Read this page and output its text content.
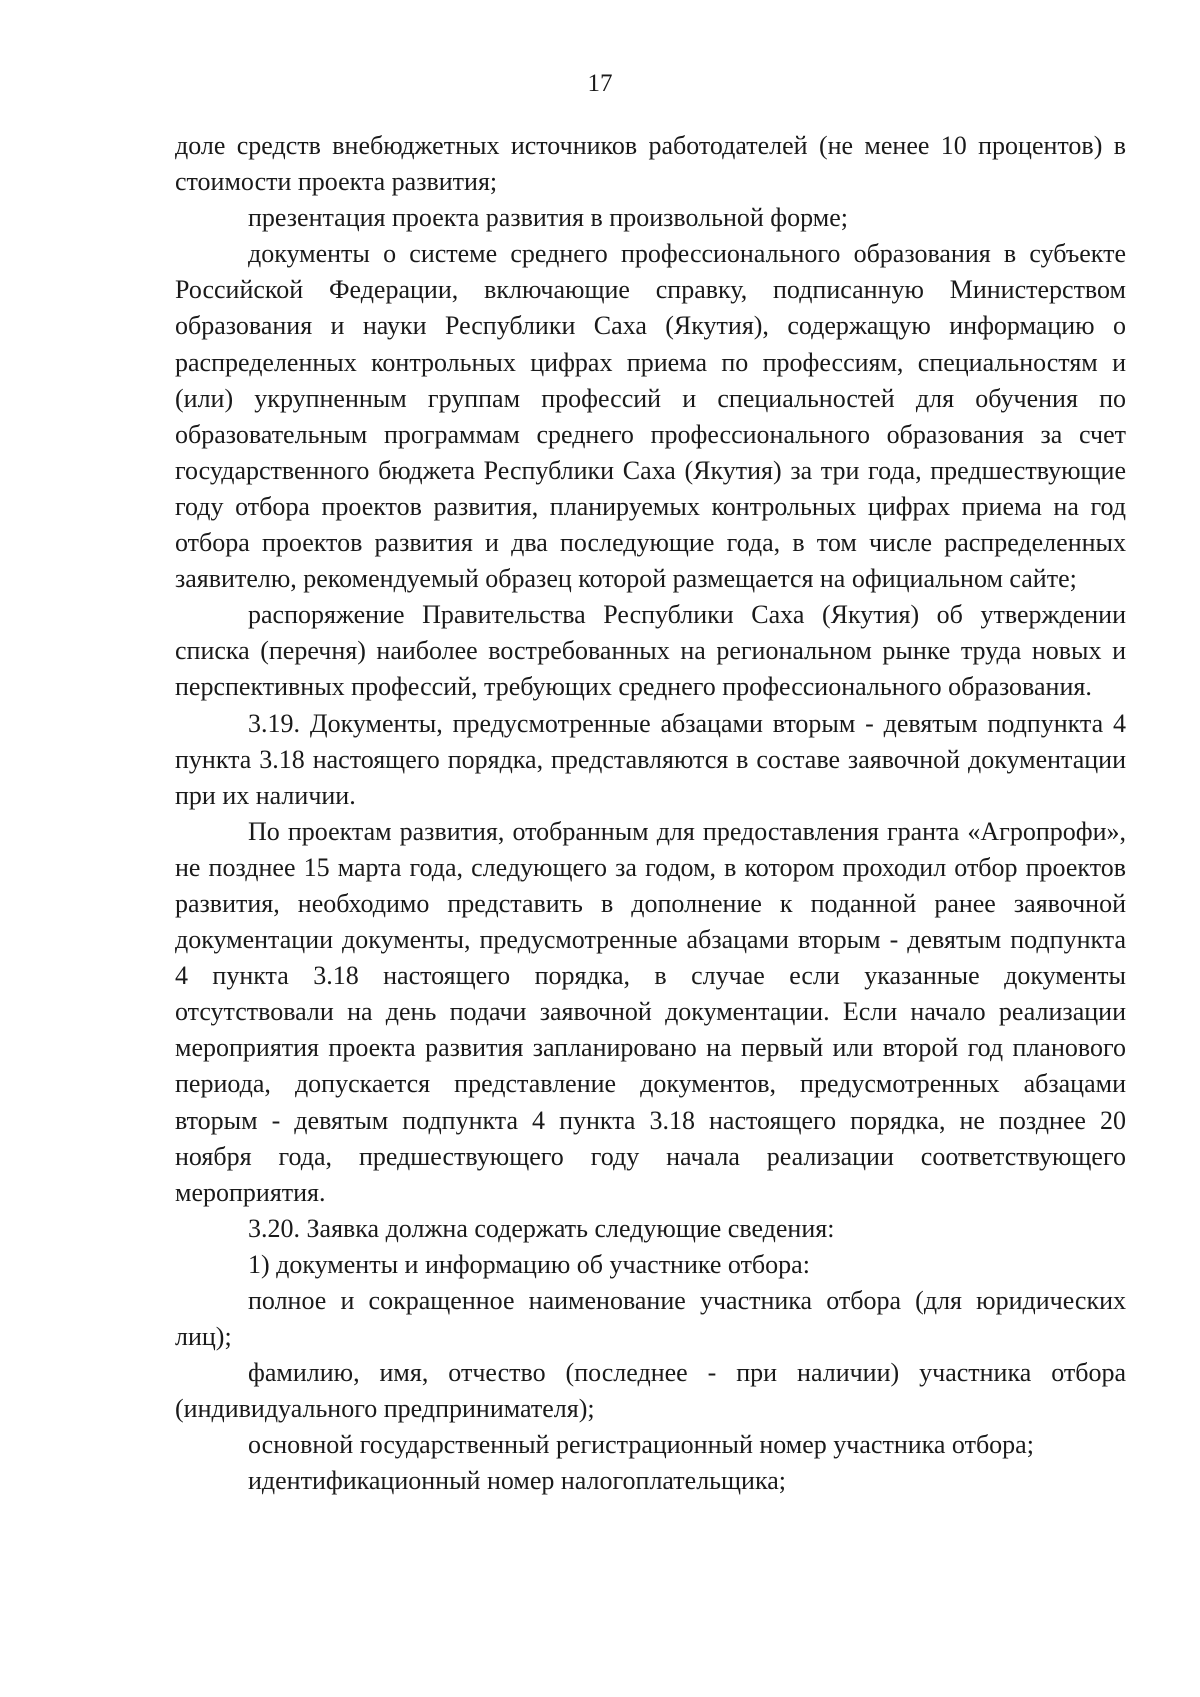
17

доле средств внебюджетных источников работодателей (не менее 10 процентов) в стоимости проекта развития;

презентация проекта развития в произвольной форме;

документы о системе среднего профессионального образования в субъекте Российской Федерации, включающие справку, подписанную Министерством образования и науки Республики Саха (Якутия), содержащую информацию о распределенных контрольных цифрах приема по профессиям, специальностям и (или) укрупненным группам профессий и специальностей для обучения по образовательным программам среднего профессионального образования за счет государственного бюджета Республики Саха (Якутия) за три года, предшествующие году отбора проектов развития, планируемых контрольных цифрах приема на год отбора проектов развития и два последующие года, в том числе распределенных заявителю, рекомендуемый образец которой размещается на официальном сайте;

распоряжение Правительства Республики Саха (Якутия) об утверждении списка (перечня) наиболее востребованных на региональном рынке труда новых и перспективных профессий, требующих среднего профессионального образования.

3.19. Документы, предусмотренные абзацами вторым - девятым подпункта 4 пункта 3.18 настоящего порядка, представляются в составе заявочной документации при их наличии.

По проектам развития, отобранным для предоставления гранта «Агропрофи», не позднее 15 марта года, следующего за годом, в котором проходил отбор проектов развития, необходимо представить в дополнение к поданной ранее заявочной документации документы, предусмотренные абзацами вторым - девятым подпункта 4 пункта 3.18 настоящего порядка, в случае если указанные документы отсутствовали на день подачи заявочной документации. Если начало реализации мероприятия проекта развития запланировано на первый или второй год планового периода, допускается представление документов, предусмотренных абзацами вторым - девятым подпункта 4 пункта 3.18 настоящего порядка, не позднее 20 ноября года, предшествующего году начала реализации соответствующего мероприятия.

3.20. Заявка должна содержать следующие сведения:

1) документы и информацию об участнике отбора:

полное и сокращенное наименование участника отбора (для юридических лиц);

фамилию, имя, отчество (последнее - при наличии) участника отбора (индивидуального предпринимателя);

основной государственный регистрационный номер участника отбора;

идентификационный номер налогоплательщика;
